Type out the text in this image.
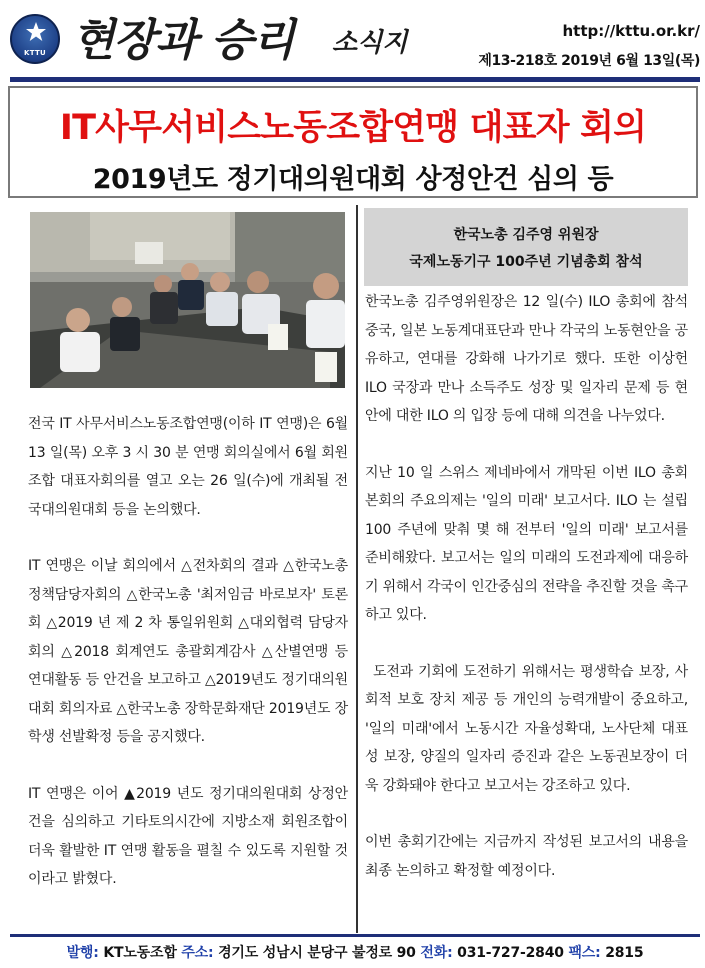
KTTU 현장과 승리 소식지	http://kttu.or.kr/
제13-218호 2019년 6월 13일(목)
IT사무서비스노동조합연맹 대표자 회의
2019년도 정기대의원대회 상정안건 심의 등

전국 IT 사무서비스노동조합연맹(이하 IT 연맹)은 6월 13 일(목) 오후 3 시 30 분 연맹 회의실에서 6월 회원조합 대표자회의를 열고 오는 26 일(수)에 개최될 전국대의원대회 등을 논의했다.

IT 연맹은 이날 회의에서 △전차회의 결과 △한국노총 정책담당자회의 △한국노총 '최저임금 바로보자' 토론회 △2019 년 제 2 차 통일위원회 △대외협력 담당자회의 △2018 회계연도 총괄회계감사 △산별연맹 등 연대활동 등 안건을 보고하고 △2019년도 정기대의원대회 회의자료 △한국노총 장학문화재단 2019년도 장학생 선발확정 등을 공지했다.

IT 연맹은 이어 ▲2019 년도 정기대의원대회 상정안건을 심의하고 기타토의시간에 지방소재 회원조합이 더욱 활발한 IT 연맹 활동을 펼칠 수 있도록 지원할 것이라고 밝혔다.

한국노총 김주영 위원장
국제노동기구 100주년 기념총회 참석

한국노총 김주영위원장은 12 일(수) ILO 총회에 참석 중국, 일본 노동계대표단과 만나 각국의 노동현안을 공유하고, 연대를 강화해 나가기로 했다. 또한 이상헌 ILO 국장과 만나 소득주도 성장 및 일자리 문제 등 현안에 대한 ILO 의 입장 등에 대해 의견을 나누었다.

지난 10 일 스위스 제네바에서 개막된 이번 ILO 총회 본회의 주요의제는 '일의 미래' 보고서다. ILO 는 설립 100 주년에 맞춰 몇 해 전부터 '일의 미래' 보고서를 준비해왔다. 보고서는 일의 미래의 도전과제에 대응하기 위해서 각국이 인간중심의 전략을 추진할 것을 촉구하고 있다.

도전과 기회에 도전하기 위해서는 평생학습 보장, 사회적 보호 장치 제공 등 개인의 능력개발이 중요하고, '일의 미래'에서 노동시간 자율성확대, 노사단체 대표성 보장, 양질의 일자리 증진과 같은 노동권보장이 더욱 강화돼야 한다고 보고서는 강조하고 있다.

이번 총회기간에는 지금까지 작성된 보고서의 내용을 최종 논의하고 확정할 예정이다.

발행: KT노동조합 주소: 경기도 성남시 분당구 불정로 90 전화: 031-727-2840 팩스: 2815
